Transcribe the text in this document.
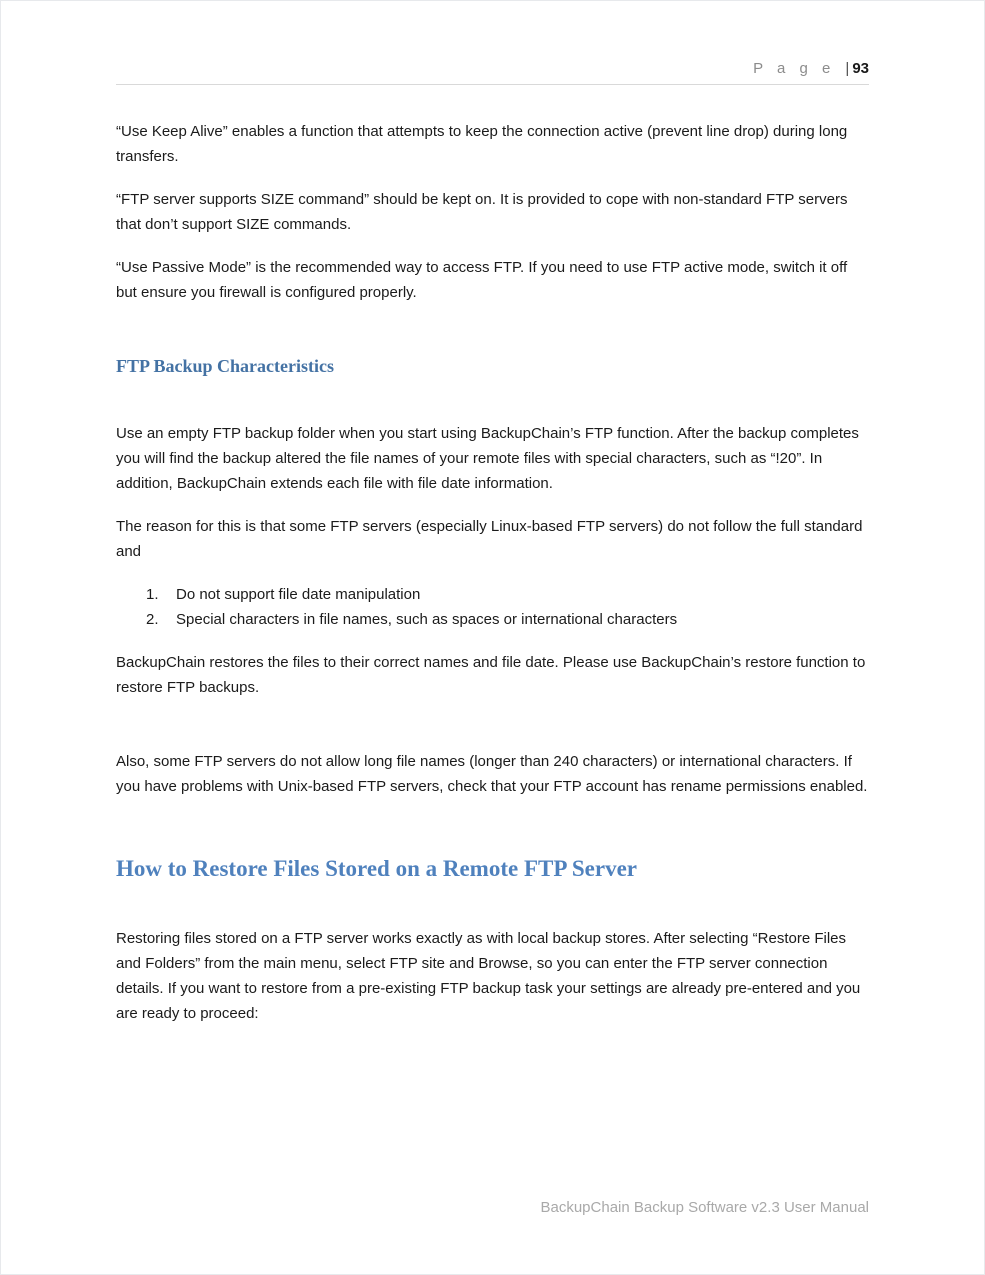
P a g e | 93

“Use Keep Alive” enables a function that attempts to keep the connection active (prevent line drop) during long transfers.

“FTP server supports SIZE command” should be kept on. It is provided to cope with non-standard FTP servers that don’t support SIZE commands.

“Use Passive Mode” is the recommended way to access FTP. If you need to use FTP active mode, switch it off but ensure you firewall is configured properly.

FTP Backup Characteristics

Use an empty FTP backup folder when you start using BackupChain’s FTP function. After the backup completes you will find the backup altered the file names of your remote files with special characters, such as “!20”. In addition, BackupChain extends each file with file date information.

The reason for this is that some FTP servers (especially Linux-based FTP servers) do not follow the full standard and

1.	Do not support file date manipulation
2.	Special characters in file names, such as spaces or international characters

BackupChain restores the files to their correct names and file date. Please use BackupChain’s restore function to restore FTP backups.

Also, some FTP servers do not allow long file names (longer than 240 characters) or international characters. If you have problems with Unix-based FTP servers, check that your FTP account has rename permissions enabled.

How to Restore Files Stored on a Remote FTP Server

Restoring files stored on a FTP server works exactly as with local backup stores. After selecting “Restore Files and Folders” from the main menu, select FTP site and Browse, so you can enter the FTP server connection details. If you want to restore from a pre-existing FTP backup task your settings are already pre-entered and you are ready to proceed:

BackupChain Backup Software v2.3 User Manual
